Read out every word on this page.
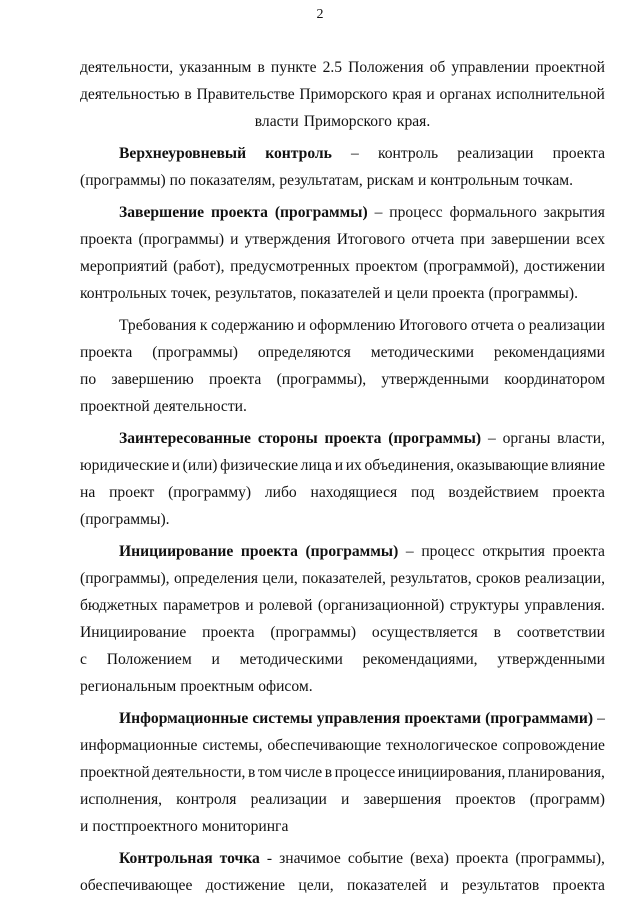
2
деятельности, указанным в пункте 2.5 Положения об управлении проектной
деятельностью в Правительстве Приморского края и органах исполнительной
власти Приморского края.
Верхнеуровневый контроль – контроль реализации проекта
(программы) по показателям, результатам, рискам и контрольным точкам.
Завершение проекта (программы) – процесс формального закрытия
проекта (программы) и утверждения Итогового отчета при завершении всех
мероприятий (работ), предусмотренных проектом (программой), достижении
контрольных точек, результатов, показателей и цели проекта (программы).
Требования к содержанию и оформлению Итогового отчета о реализации
проекта (программы) определяются методическими рекомендациями
по завершению проекта (программы), утвержденными координатором
проектной деятельности.
Заинтересованные стороны проекта (программы) – органы власти,
юридические и (или) физические лица и их объединения, оказывающие влияние
на проект (программу) либо находящиеся под воздействием проекта
(программы).
Инициирование проекта (программы) – процесс открытия проекта
(программы), определения цели, показателей, результатов, сроков реализации,
бюджетных параметров и ролевой (организационной) структуры управления.
Инициирование проекта (программы) осуществляется в соответствии
с Положением и методическими рекомендациями, утвержденными
региональным проектным офисом.
Информационные системы управления проектами (программами) –
информационные системы, обеспечивающие технологическое сопровождение
проектной деятельности, в том числе в процессе инициирования, планирования,
исполнения, контроля реализации и завершения проектов (программ)
и постпроектного мониторинга
Контрольная точка - значимое событие (веха) проекта (программы),
обеспечивающее достижение цели, показателей и результатов проекта
